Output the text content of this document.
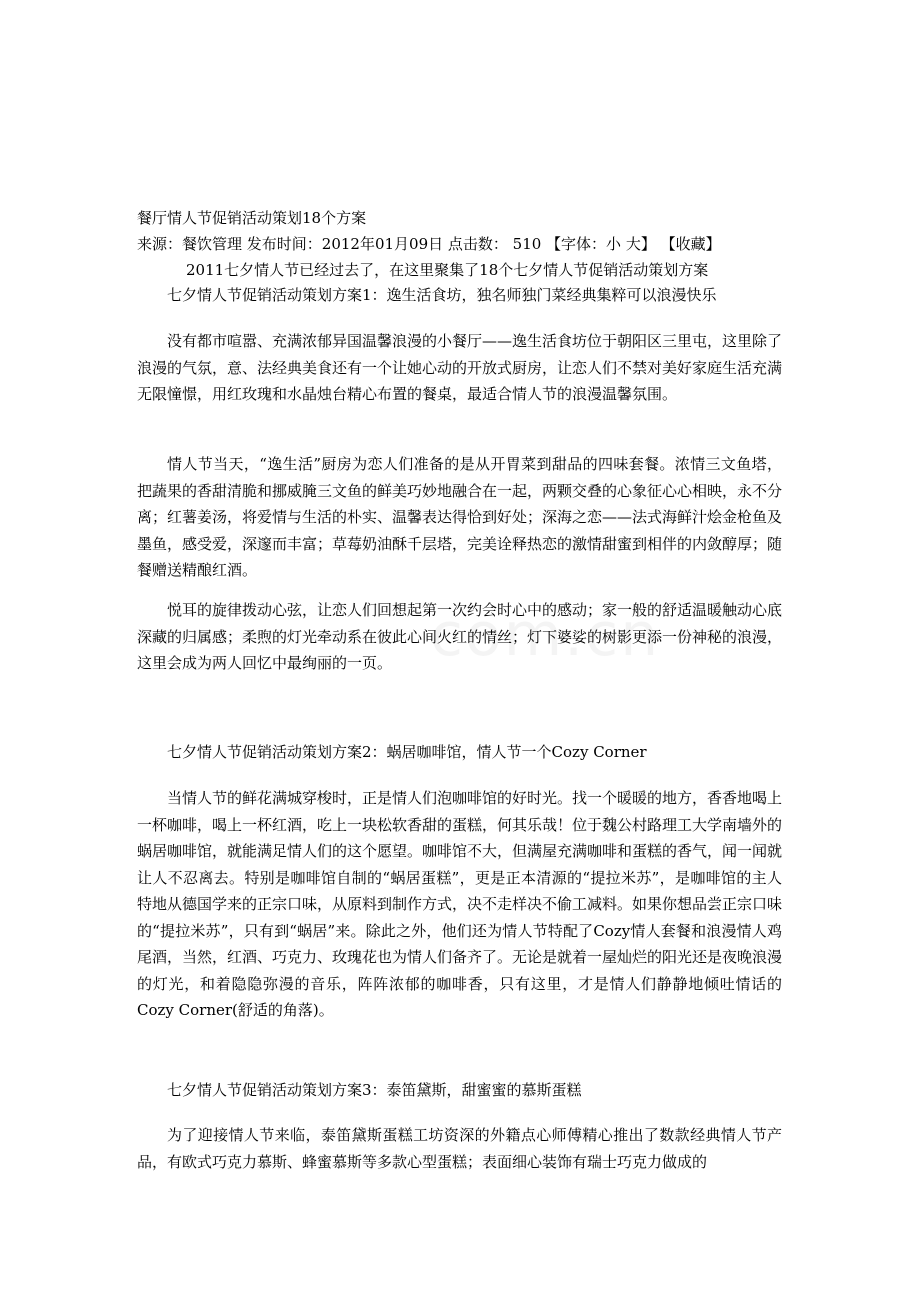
餐厅情人节促销活动策划18个方案
来源：餐饮管理 发布时间：2012年01月09日 点击数： 510 【字体：小 大】 【收藏】
2011七夕情人节已经过去了，在这里聚集了18个七夕情人节促销活动策划方案
七夕情人节促销活动策划方案1：逸生活食坊，独名师独门菜经典集粹可以浪漫快乐
没有都市喧嚣、充满浓郁异国温馨浪漫的小餐厅——逸生活食坊位于朝阳区三里屯，这里除了浪漫的气氛，意、法经典美食还有一个让她心动的开放式厨房，让恋人们不禁对美好家庭生活充满无限憧憬，用红玫瑰和水晶烛台精心布置的餐桌，最适合情人节的浪漫温馨氛围。
情人节当天，“逸生活”厨房为恋人们准备的是从开胃菜到甜品的四味套餐。浓情三文鱼塔，把蔬果的香甜清脆和挪威腌三文鱼的鲜美巧妙地融合在一起，两颗交叠的心象征心心相映，永不分离；红薯姜汤，将爱情与生活的朴实、温馨表达得恰到好处；深海之恋——法式海鲜汁烩金枪鱼及墨鱼，感受爱，深邃而丰富；草莓奶油酥千层塔，完美诠释热恋的激情甜蜜到相伴的内敛醇厚；随餐赠送精酿红酒。
悦耳的旋律拨动心弦，让恋人们回想起第一次约会时心中的感动；家一般的舒适温暖触动心底深藏的归属感；柔煦的灯光牵动系在彼此心间火红的情丝；灯下婆娑的树影更添一份神秘的浪漫，这里会成为两人回忆中最绚丽的一页。
七夕情人节促销活动策划方案2：蜗居咖啡馆，情人节一个Cozy Corner
当情人节的鲜花满城穿梭时，正是情人们泡咖啡馆的好时光。找一个暖暖的地方，香香地喝上一杯咖啡，喝上一杯红酒，吃上一块松软香甜的蛋糕，何其乐哉！位于魏公村路理工大学南墙外的蜗居咖啡馆，就能满足情人们的这个愿望。咖啡馆不大，但满屋充满咖啡和蛋糕的香气，闻一闻就让人不忍离去。特别是咖啡馆自制的“蜗居蛋糕”，更是正本清源的“提拉米苏”，是咖啡馆的主人特地从德国学来的正宗口味，从原料到制作方式，决不走样决不偷工减料。如果你想品尝正宗口味的“提拉米苏”，只有到“蜗居”来。除此之外，他们还为情人节特配了Cozy情人套餐和浪漫情人鸡尾酒，当然，红酒、巧克力、玫瑰花也为情人们备齐了。无论是就着一屋灿烂的阳光还是夜晚浪漫的灯光，和着隐隐弥漫的音乐，阵阵浓郁的咖啡香，只有这里，才是情人们静静地倾吐情话的Cozy Corner(舒适的角落)。
七夕情人节促销活动策划方案3：泰笛黛斯，甜蜜蜜的慕斯蛋糕
为了迎接情人节来临，泰笛黛斯蛋糕工坊资深的外籍点心师傅精心推出了数款经典情人节产品，有欧式巧克力慕斯、蜂蜜慕斯等多款心型蛋糕；表面细心装饰有瑞士巧克力做成的
